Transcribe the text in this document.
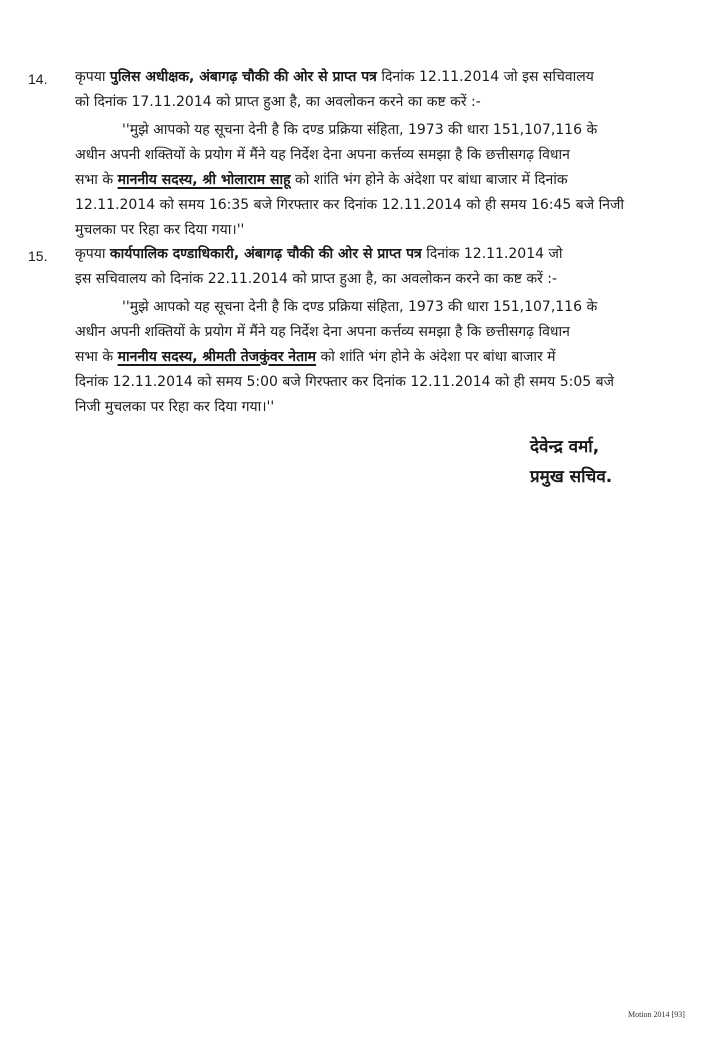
14. कृपया पुलिस अधीक्षक, अंबागढ़ चौकी की ओर से प्राप्त पत्र दिनांक 12.11.2014 जो इस सचिवालय
को दिनांक 17.11.2014 को प्राप्त हुआ है, का अवलोकन करने का कष्ट करें :-
''मुझे आपको यह सूचना देनी है कि दण्ड प्रक्रिया संहिता, 1973 की धारा 151,107,116 के
अधीन अपनी शक्तियों के प्रयोग में मैंने यह निर्देश देना अपना कर्त्तव्य समझा है कि छत्तीसगढ़ विधान
सभा के माननीय सदस्य, श्री भोलाराम साहू को शांति भंग होने के अंदेशा पर बांधा बाजार में दिनांक
12.11.2014 को समय 16:35 बजे गिरफ्तार कर दिनांक 12.11.2014 को ही समय 16:45 बजे निजी
मुचलका पर रिहा कर दिया गया।''
15. कृपया कार्यपालिक दण्डाधिकारी, अंबागढ़ चौकी की ओर से प्राप्त पत्र दिनांक 12.11.2014 जो
इस सचिवालय को दिनांक 22.11.2014 को प्राप्त हुआ है, का अवलोकन करने का कष्ट करें :-
''मुझे आपको यह सूचना देनी है कि दण्ड प्रक्रिया संहिता, 1973 की धारा 151,107,116 के
अधीन अपनी शक्तियों के प्रयोग में मैंने यह निर्देश देना अपना कर्त्तव्य समझा है कि छत्तीसगढ़ विधान
सभा के माननीय सदस्य, श्रीमती तेजकुंवर नेताम को शांति भंग होने के अंदेशा पर बांधा बाजार में
दिनांक 12.11.2014 को समय 5:00 बजे गिरफ्तार कर दिनांक 12.11.2014 को ही समय 5:05 बजे
निजी मुचलका पर रिहा कर दिया गया।''
देवेन्द्र वर्मा,
प्रमुख सचिव.
Motion 2014 [93]
